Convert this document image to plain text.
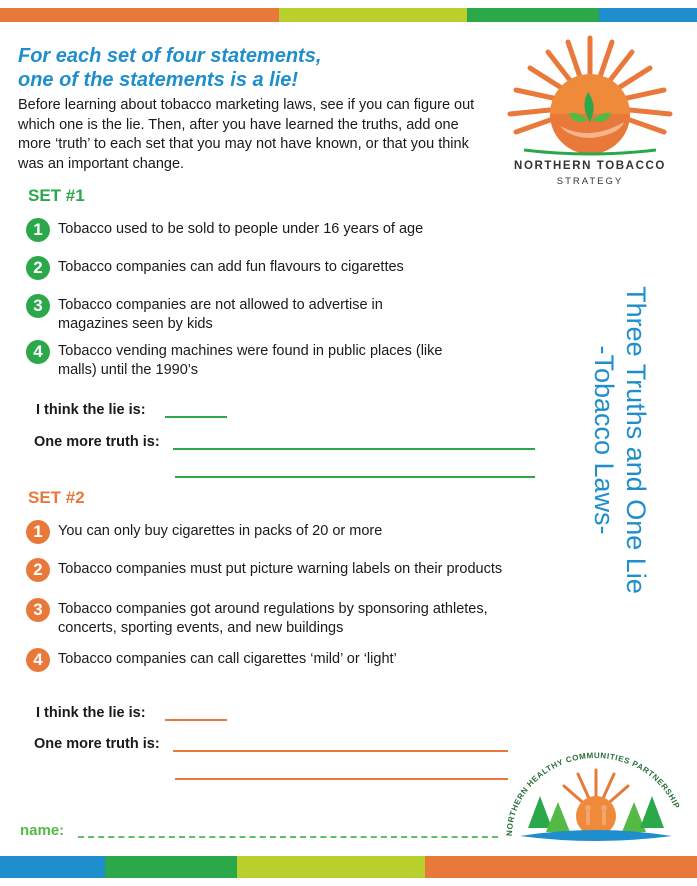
For each set of four statements,
one of the statements is a lie!

Before learning about tobacco marketing laws, see if you can figure out which one is the lie. Then, after you have learned the truths, add one more ‘truth’ to each set that you may not have known, or that you think was an important change.	NORTHERN TOBACCO
STRATEGY
Three Truths and One Lie
-Tobacco Laws-
SET #1
1	Tobacco used to be sold to people under 16 years of age
2	Tobacco companies can add fun flavours to cigarettes
3	Tobacco companies are not allowed to advertise in magazines seen by kids
4	Tobacco vending machines were found in public places (like malls) until the 1990’s
I think the lie is:
One more truth is:
SET #2
1	You can only buy cigarettes in packs of 20 or more
2	Tobacco companies must put picture warning labels on their products
3	Tobacco companies got around regulations by sponsoring athletes, concerts, sporting events, and new buildings
4	Tobacco companies can call cigarettes ‘mild’ or ‘light’
I think the lie is:
One more truth is:
NORTHERN HEALTHY COMMUNITIES PARTNERSHIP
name:
